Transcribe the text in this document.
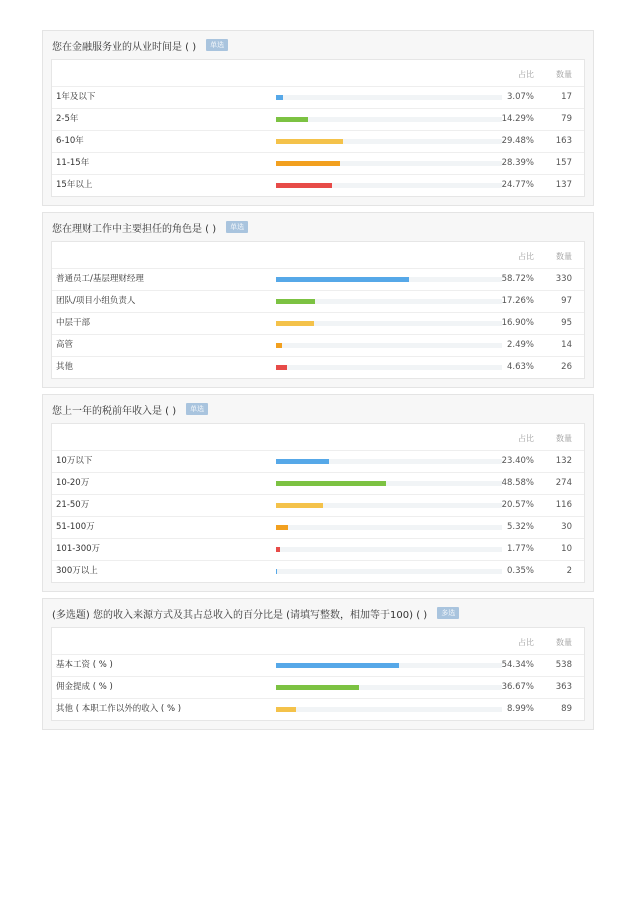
您在金融服务业的从业时间是 ( )	单选
占比	数量
1年及以下	3.07%	17
2-5年	14.29%	79
6-10年	29.48%	163
11-15年	28.39%	157
15年以上	24.77%	137
您在理财工作中主要担任的角色是 ( )	单选
占比	数量
普通员工/基层理财经理	58.72%	330
团队/项目小组负责人	17.26%	97
中层干部	16.90%	95
高管	2.49%	14
其他	4.63%	26
您上一年的税前年收入是 ( )	单选
占比	数量
10万以下	23.40%	132
10-20万	48.58%	274
21-50万	20.57%	116
51-100万	5.32%	30
101-300万	1.77%	10
300万以上	0.35%	2
(多选题) 您的收入来源方式及其占总收入的百分比是 (请填写整数，相加等于100) ( )	多选
占比	数量
基本工资 ( % )	54.34%	538
佣金提成 ( % )	36.67%	363
其他 ( 本职工作以外的收入 ( % )	8.99%	89
